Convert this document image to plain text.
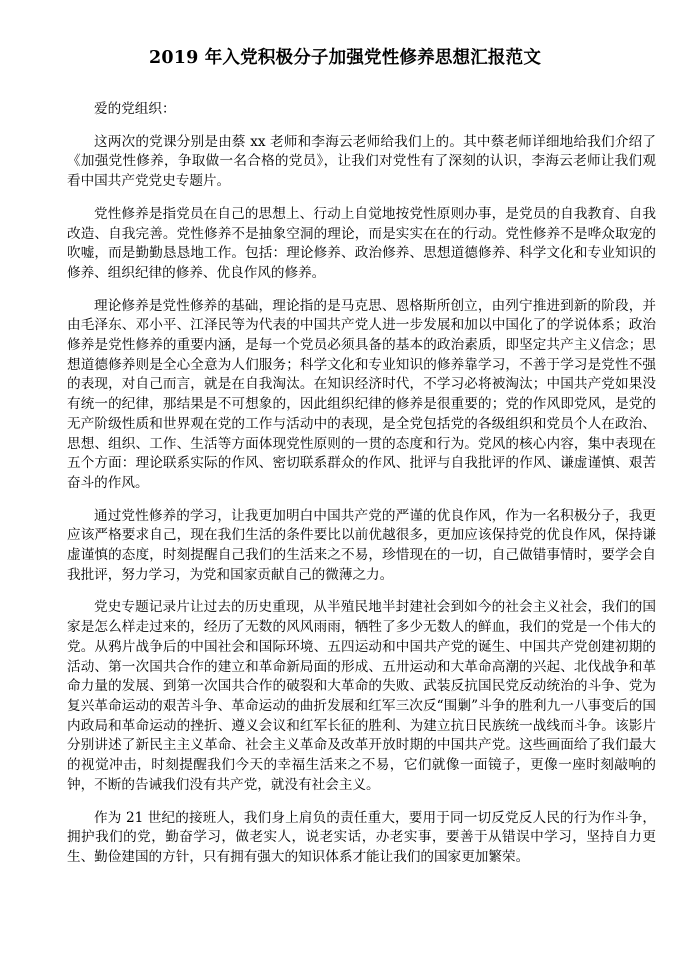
2019 年入党积极分子加强党性修养思想汇报范文

爱的党组织：

这两次的党课分别是由蔡 xx 老师和李海云老师给我们上的。其中蔡老师详细地给我们介绍了《加强党性修养，争取做一名合格的党员》，让我们对党性有了深刻的认识，李海云老师让我们观看中国共产党党史专题片。

党性修养是指党员在自己的思想上、行动上自觉地按党性原则办事，是党员的自我教育、自我改造、自我完善。党性修养不是抽象空洞的理论，而是实实在在的行动。党性修养不是哗众取宠的吹嘘，而是勤勤恳恳地工作。包括：理论修养、政治修养、思想道德修养、科学文化和专业知识的修养、组织纪律的修养、优良作风的修养。

理论修养是党性修养的基础，理论指的是马克思、恩格斯所创立，由列宁推进到新的阶段，并由毛泽东、邓小平、江泽民等为代表的中国共产党人进一步发展和加以中国化了的学说体系；政治修养是党性修养的重要内涵，是每一个党员必须具备的基本的政治素质，即坚定共产主义信念；思想道德修养则是全心全意为人们服务；科学文化和专业知识的修养靠学习，不善于学习是党性不强的表现，对自己而言，就是在自我淘汰。在知识经济时代，不学习必将被淘汰；中国共产党如果没有统一的纪律，那结果是不可想象的，因此组织纪律的修养是很重要的；党的作风即党风，是党的无产阶级性质和世界观在党的工作与活动中的表现，是全党包括党的各级组织和党员个人在政治、思想、组织、工作、生活等方面体现党性原则的一贯的态度和行为。党风的核心内容，集中表现在五个方面：理论联系实际的作风、密切联系群众的作风、批评与自我批评的作风、谦虚谨慎、艰苦奋斗的作风。

通过党性修养的学习，让我更加明白中国共产党的严谨的优良作风，作为一名积极分子，我更应该严格要求自己，现在我们生活的条件要比以前优越很多，更加应该保持党的优良作风，保持谦虚谨慎的态度，时刻提醒自己我们的生活来之不易，珍惜现在的一切，自己做错事情时，要学会自我批评，努力学习，为党和国家贡献自己的微薄之力。

党史专题记录片让过去的历史重现，从半殖民地半封建社会到如今的社会主义社会，我们的国家是怎么样走过来的，经历了无数的风风雨雨，牺牲了多少无数人的鲜血，我们的党是一个伟大的党。从鸦片战争后的中国社会和国际环境、五四运动和中国共产党的诞生、中国共产党创建初期的活动、第一次国共合作的建立和革命新局面的形成、五卅运动和大革命高潮的兴起、北伐战争和革命力量的发展、到第一次国共合作的破裂和大革命的失败、武装反抗国民党反动统治的斗争、党为复兴革命运动的艰苦斗争、革命运动的曲折发展和红军三次反“围剿”斗争的胜利九一八事变后的国内政局和革命运动的挫折、遵义会议和红军长征的胜利、为建立抗日民族统一战线而斗争。该影片分别讲述了新民主主义革命、社会主义革命及改革开放时期的中国共产党。这些画面给了我们最大的视觉冲击，时刻提醒我们今天的幸福生活来之不易，它们就像一面镜子，更像一座时刻敲响的钟，不断的告诫我们没有共产党，就没有社会主义。

作为 21 世纪的接班人，我们身上肩负的责任重大，要用于同一切反党反人民的行为作斗争，拥护我们的党，勤奋学习，做老实人，说老实话，办老实事，要善于从错误中学习，坚持自力更生、勤俭建国的方针，只有拥有强大的知识体系才能让我们的国家更加繁荣。
